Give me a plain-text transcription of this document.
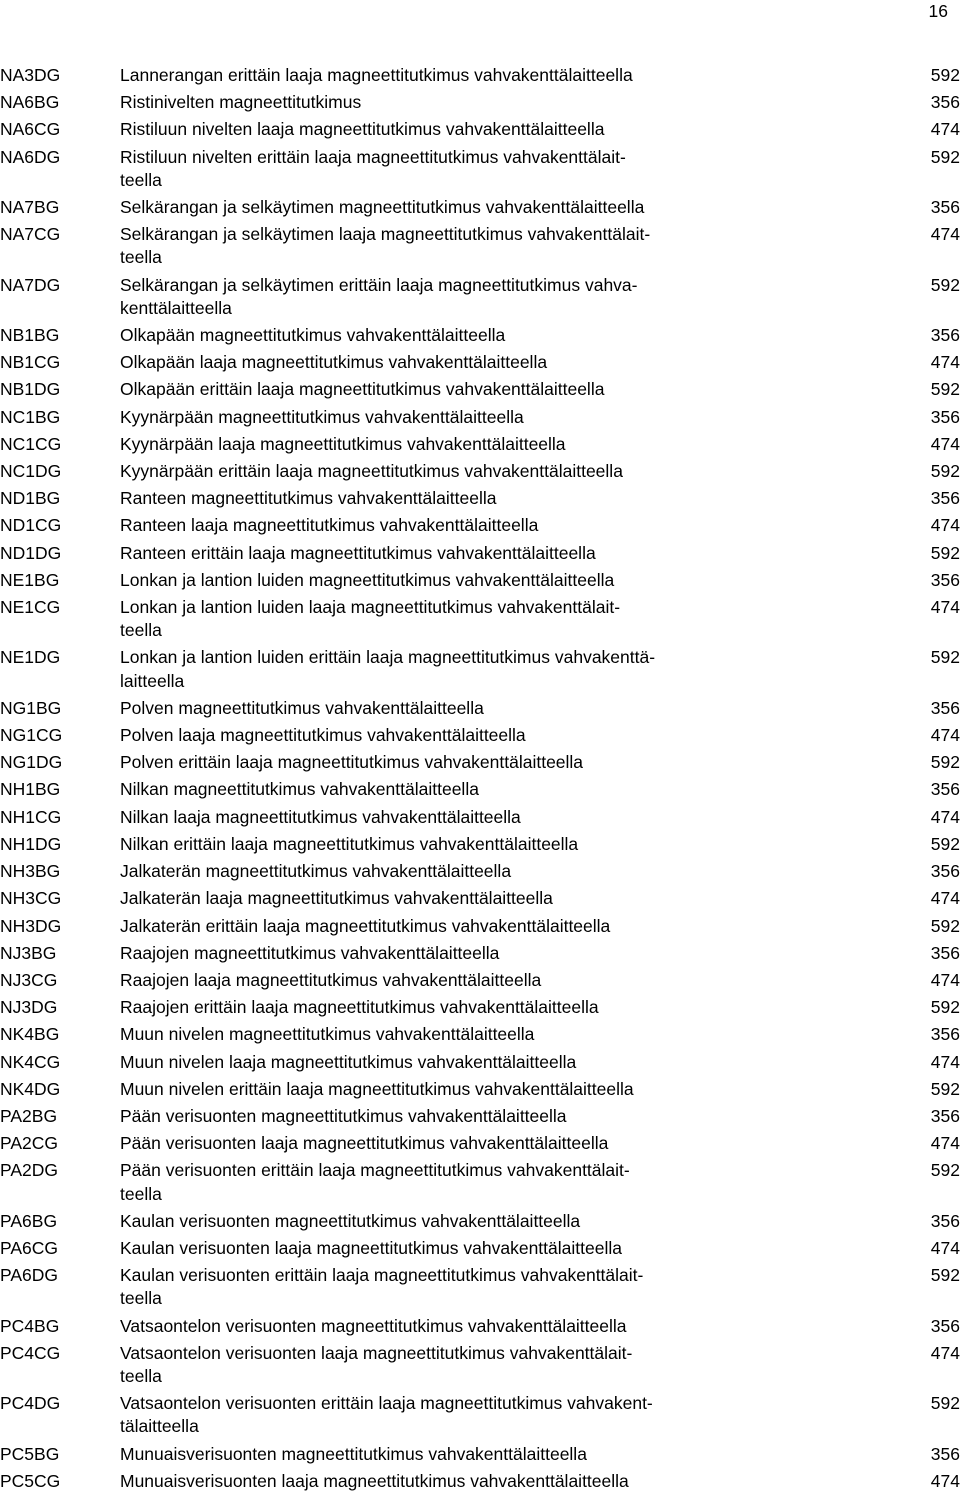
16
NA3DG	Lannerangan erittäin laaja magneettitutkimus vahvakenttälaitteella	592
NA6BG	Ristinivelten magneettitutkimus	356
NA6CG	Ristiluun nivelten laaja magneettitutkimus vahvakenttälaitteella	474
NA6DG	Ristiluun nivelten erittäin laaja magneettitutkimus vahvakenttälait-
teella	592
NA7BG	Selkärangan ja selkäytimen magneettitutkimus vahvakenttälaitteella	356
NA7CG	Selkärangan ja selkäytimen laaja magneettitutkimus vahvakenttälait-
teella	474
NA7DG	Selkärangan ja selkäytimen erittäin laaja magneettitutkimus vahva-
kenttälaitteella	592
NB1BG	Olkapään magneettitutkimus vahvakenttälaitteella	356
NB1CG	Olkapään laaja magneettitutkimus vahvakenttälaitteella	474
NB1DG	Olkapään erittäin laaja magneettitutkimus vahvakenttälaitteella	592
NC1BG	Kyynärpään magneettitutkimus vahvakenttälaitteella	356
NC1CG	Kyynärpään laaja magneettitutkimus vahvakenttälaitteella	474
NC1DG	Kyynärpään erittäin laaja magneettitutkimus vahvakenttälaitteella	592
ND1BG	Ranteen magneettitutkimus vahvakenttälaitteella	356
ND1CG	Ranteen laaja magneettitutkimus vahvakenttälaitteella	474
ND1DG	Ranteen erittäin laaja magneettitutkimus vahvakenttälaitteella	592
NE1BG	Lonkan ja lantion luiden magneettitutkimus vahvakenttälaitteella	356
NE1CG	Lonkan ja lantion luiden laaja magneettitutkimus vahvakenttälait-
teella	474
NE1DG	Lonkan ja lantion luiden erittäin laaja magneettitutkimus vahvakenttä-
laitteella	592
NG1BG	Polven magneettitutkimus vahvakenttälaitteella	356
NG1CG	Polven laaja magneettitutkimus vahvakenttälaitteella	474
NG1DG	Polven erittäin laaja magneettitutkimus vahvakenttälaitteella	592
NH1BG	Nilkan magneettitutkimus vahvakenttälaitteella	356
NH1CG	Nilkan laaja magneettitutkimus vahvakenttälaitteella	474
NH1DG	Nilkan erittäin laaja magneettitutkimus vahvakenttälaitteella	592
NH3BG	Jalkaterän magneettitutkimus vahvakenttälaitteella	356
NH3CG	Jalkaterän laaja magneettitutkimus vahvakenttälaitteella	474
NH3DG	Jalkaterän erittäin laaja magneettitutkimus vahvakenttälaitteella	592
NJ3BG	Raajojen magneettitutkimus vahvakenttälaitteella	356
NJ3CG	Raajojen laaja magneettitutkimus vahvakenttälaitteella	474
NJ3DG	Raajojen erittäin laaja magneettitutkimus vahvakenttälaitteella	592
NK4BG	Muun nivelen magneettitutkimus vahvakenttälaitteella	356
NK4CG	Muun nivelen laaja magneettitutkimus vahvakenttälaitteella	474
NK4DG	Muun nivelen erittäin laaja magneettitutkimus vahvakenttälaitteella	592
PA2BG	Pään verisuonten magneettitutkimus vahvakenttälaitteella	356
PA2CG	Pään verisuonten laaja magneettitutkimus vahvakenttälaitteella	474
PA2DG	Pään verisuonten erittäin laaja magneettitutkimus vahvakenttälait-
teella	592
PA6BG	Kaulan verisuonten magneettitutkimus vahvakenttälaitteella	356
PA6CG	Kaulan verisuonten laaja magneettitutkimus vahvakenttälaitteella	474
PA6DG	Kaulan verisuonten erittäin laaja magneettitutkimus vahvakenttälait-
teella	592
PC4BG	Vatsaontelon verisuonten magneettitutkimus vahvakenttälaitteella	356
PC4CG	Vatsaontelon verisuonten laaja magneettitutkimus vahvakenttälait-
teella	474
PC4DG	Vatsaontelon verisuonten erittäin laaja magneettitutkimus vahvakent-
tälaitteella	592
PC5BG	Munuaisverisuonten magneettitutkimus vahvakenttälaitteella	356
PC5CG	Munuaisverisuonten laaja magneettitutkimus vahvakenttälaitteella	474
